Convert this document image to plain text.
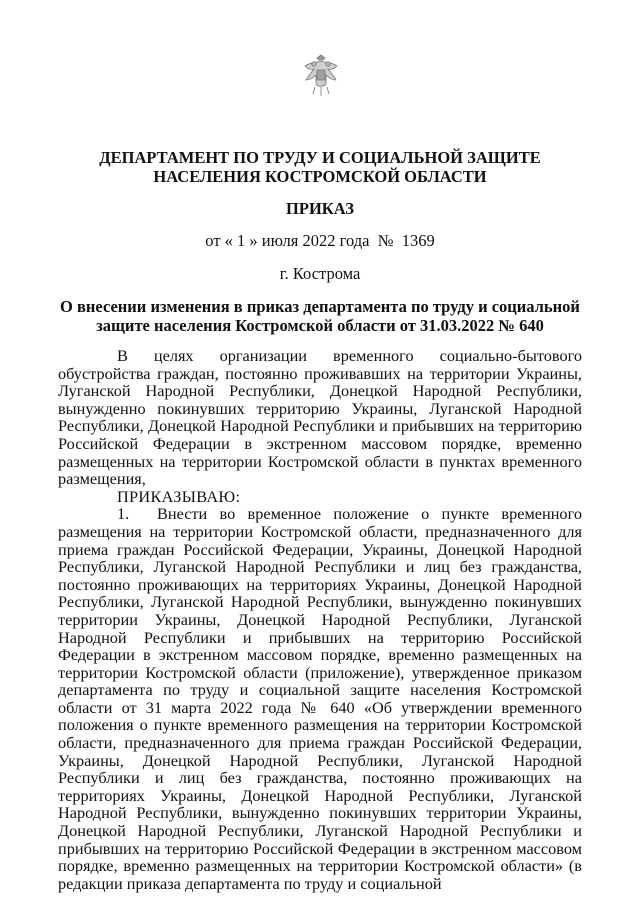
ДЕПАРТАМЕНТ ПО ТРУДУ И СОЦИАЛЬНОЙ ЗАЩИТЕ
НАСЕЛЕНИЯ КОСТРОМСКОЙ ОБЛАСТИ
ПРИКАЗ
от « 1 » июля 2022 года  №  1369
г. Кострома
О внесении изменения в приказ департамента по труду и социальной
защите населения Костромской области от 31.03.2022 № 640

В целях организации временного социально-бытового обустройства граждан, постоянно проживавших на территории Украины, Луганской Народной Республики, Донецкой Народной Республики, вынужденно покинувших территорию Украины, Луганской Народной Республики, Донецкой Народной Республики и прибывших на территорию Российской Федерации в экстренном массовом порядке, временно размещенных на территории Костромской области в пунктах временного размещения,

ПРИКАЗЫВАЮ:

1. Внести во временное положение о пункте временного размещения на территории Костромской области, предназначенного для приема граждан Российской Федерации, Украины, Донецкой Народной Республики, Луганской Народной Республики и лиц без гражданства, постоянно проживающих на территориях Украины, Донецкой Народной Республики, Луганской Народной Республики, вынужденно покинувших территории Украины, Донецкой Народной Республики, Луганской Народной Республики и прибывших на территорию Российской Федерации в экстренном массовом порядке, временно размещенных на территории Костромской области (приложение), утвержденное приказом департамента по труду и социальной защите населения Костромской области от 31 марта 2022 года № 640 «Об утверждении временного положения о пункте временного размещения на территории Костромской области, предназначенного для приема граждан Российской Федерации, Украины, Донецкой Народной Республики, Луганской Народной Республики и лиц без гражданства, постоянно проживающих на территориях Украины, Донецкой Народной Республики, Луганской Народной Республики, вынужденно покинувших территории Украины, Донецкой Народной Республики, Луганской Народной Республики и прибывших на территорию Российской Федерации в экстренном массовом порядке, временно размещенных на территории Костромской области» (в редакции приказа департамента по труду и социальной
